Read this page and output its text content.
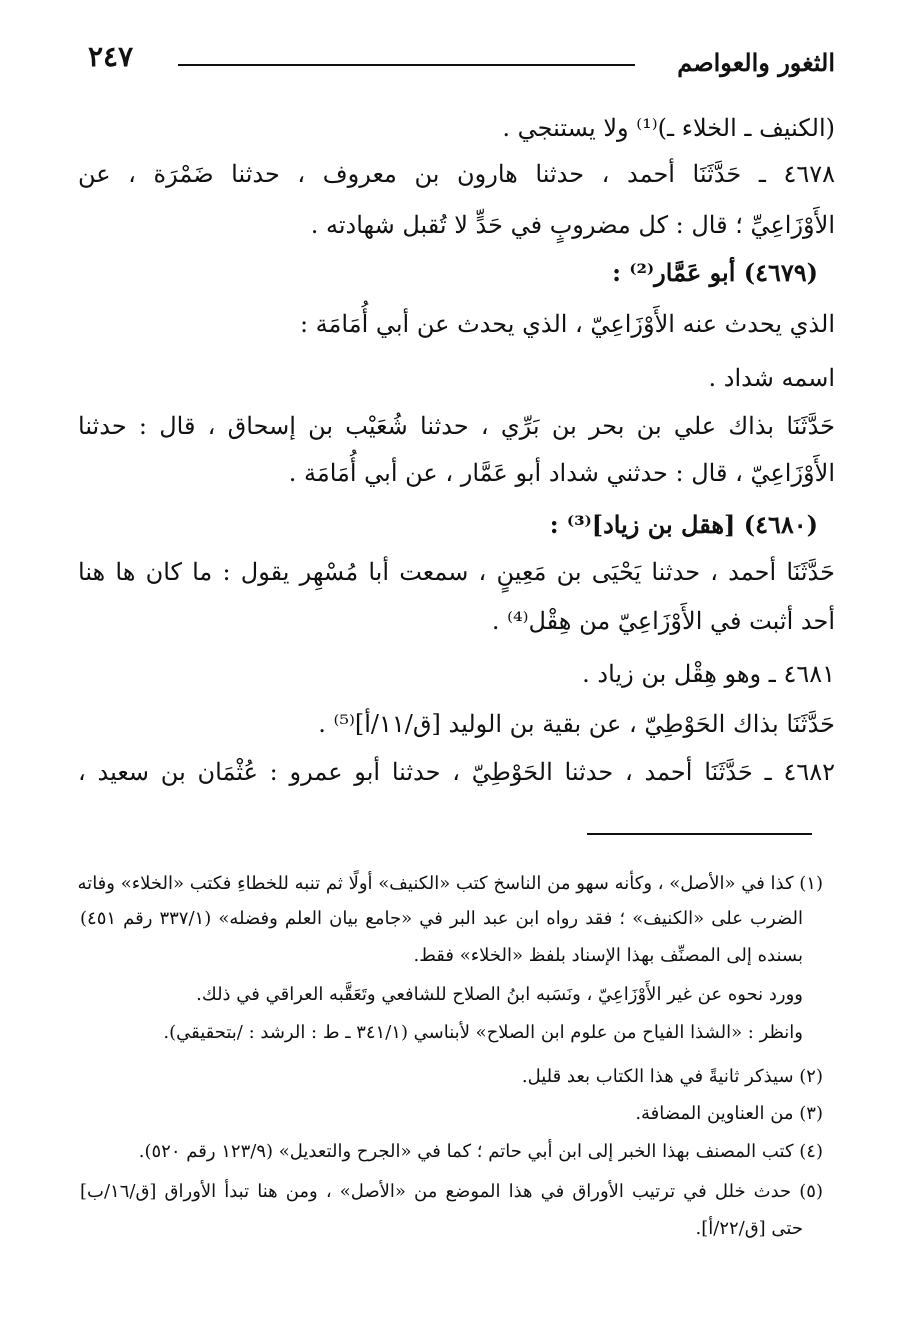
الثغور والعواصم
٢٤٧
(الكنيف ـ الخلاء ـ)⁽¹⁾ ولا يستنجي .
٤٦٧٨ ـ حَدَّثَنَا أحمد ، حدثنا هارون بن معروف ، حدثنا ضَمْرَة ، عن
الأَوْزَاعِيِّ ؛ قال : كل مضروبٍ في حَدٍّ لا تُقبل شهادته .
(٤٦٧٩) أبو عَمَّار⁽²⁾ :
الذي يحدث عنه الأَوْزَاعِيّ ، الذي يحدث عن أبي أُمَامَة :
اسمه شداد .
حَدَّثَنَا بذاك علي بن بحر بن بَرِّي ، حدثنا شُعَيْب بن إسحاق ، قال : حدثنا
الأَوْزَاعِيّ ، قال : حدثني شداد أبو عَمَّار ، عن أبي أُمَامَة .
(٤٦٨٠) [هقل بن زياد]⁽³⁾ :
حَدَّثَنَا أحمد ، حدثنا يَحْيَى بن مَعِينٍ ، سمعت أبا مُسْهِر يقول : ما كان ها هنا
أحد أثبت في الأَوْزَاعِيّ من هِقْل⁽⁴⁾ .
٤٦٨١ ـ وهو هِقْل بن زياد .
حَدَّثَنَا بذاك الحَوْطِيّ ، عن بقية بن الوليد [ق/١١/أ]⁽⁵⁾ .
٤٦٨٢ ـ حَدَّثَنَا أحمد ، حدثنا الحَوْطِيّ ، حدثنا أبو عمرو : عُثْمَان بن سعيد ،
(١) كذا في «الأصل» ، وكأنه سهو من الناسخ كتب «الكنيف» أولًا ثم تنبه للخطاءِ فكتب «الخلاء» وفاته
الضرب على «الكنيف» ؛ فقد رواه ابن عبد البر في «جامع بيان العلم وفضله» (٣٣٧/١ رقم ٤٥١)
بسنده إلى المصنِّف بهذا الإسناد بلفظ «الخلاء» فقط.
وورد نحوه عن غير الأَوْزَاعِيّ ، ونَسَبه ابنُ الصلاح للشافعي وتَعَقَّبه العراقي في ذلك.
وانظر : «الشذا الفياح من علوم ابن الصلاح» لأبناسي (٣٤١/١ ـ ط : الرشد : /بتحقيقي).
(٢) سيذكر ثانيةً في هذا الكتاب بعد قليل.
(٣) من العناوين المضافة.
(٤) كتب المصنف بهذا الخبر إلى ابن أبي حاتم ؛ كما في «الجرح والتعديل» (١٢٣/٩ رقم ٥٢٠).
(٥) حدث خلل في ترتيب الأوراق في هذا الموضع من «الأصل» ، ومن هنا تبدأ الأوراق [ق/١٦/ب]
حتى [ق/٢٢/أ].
